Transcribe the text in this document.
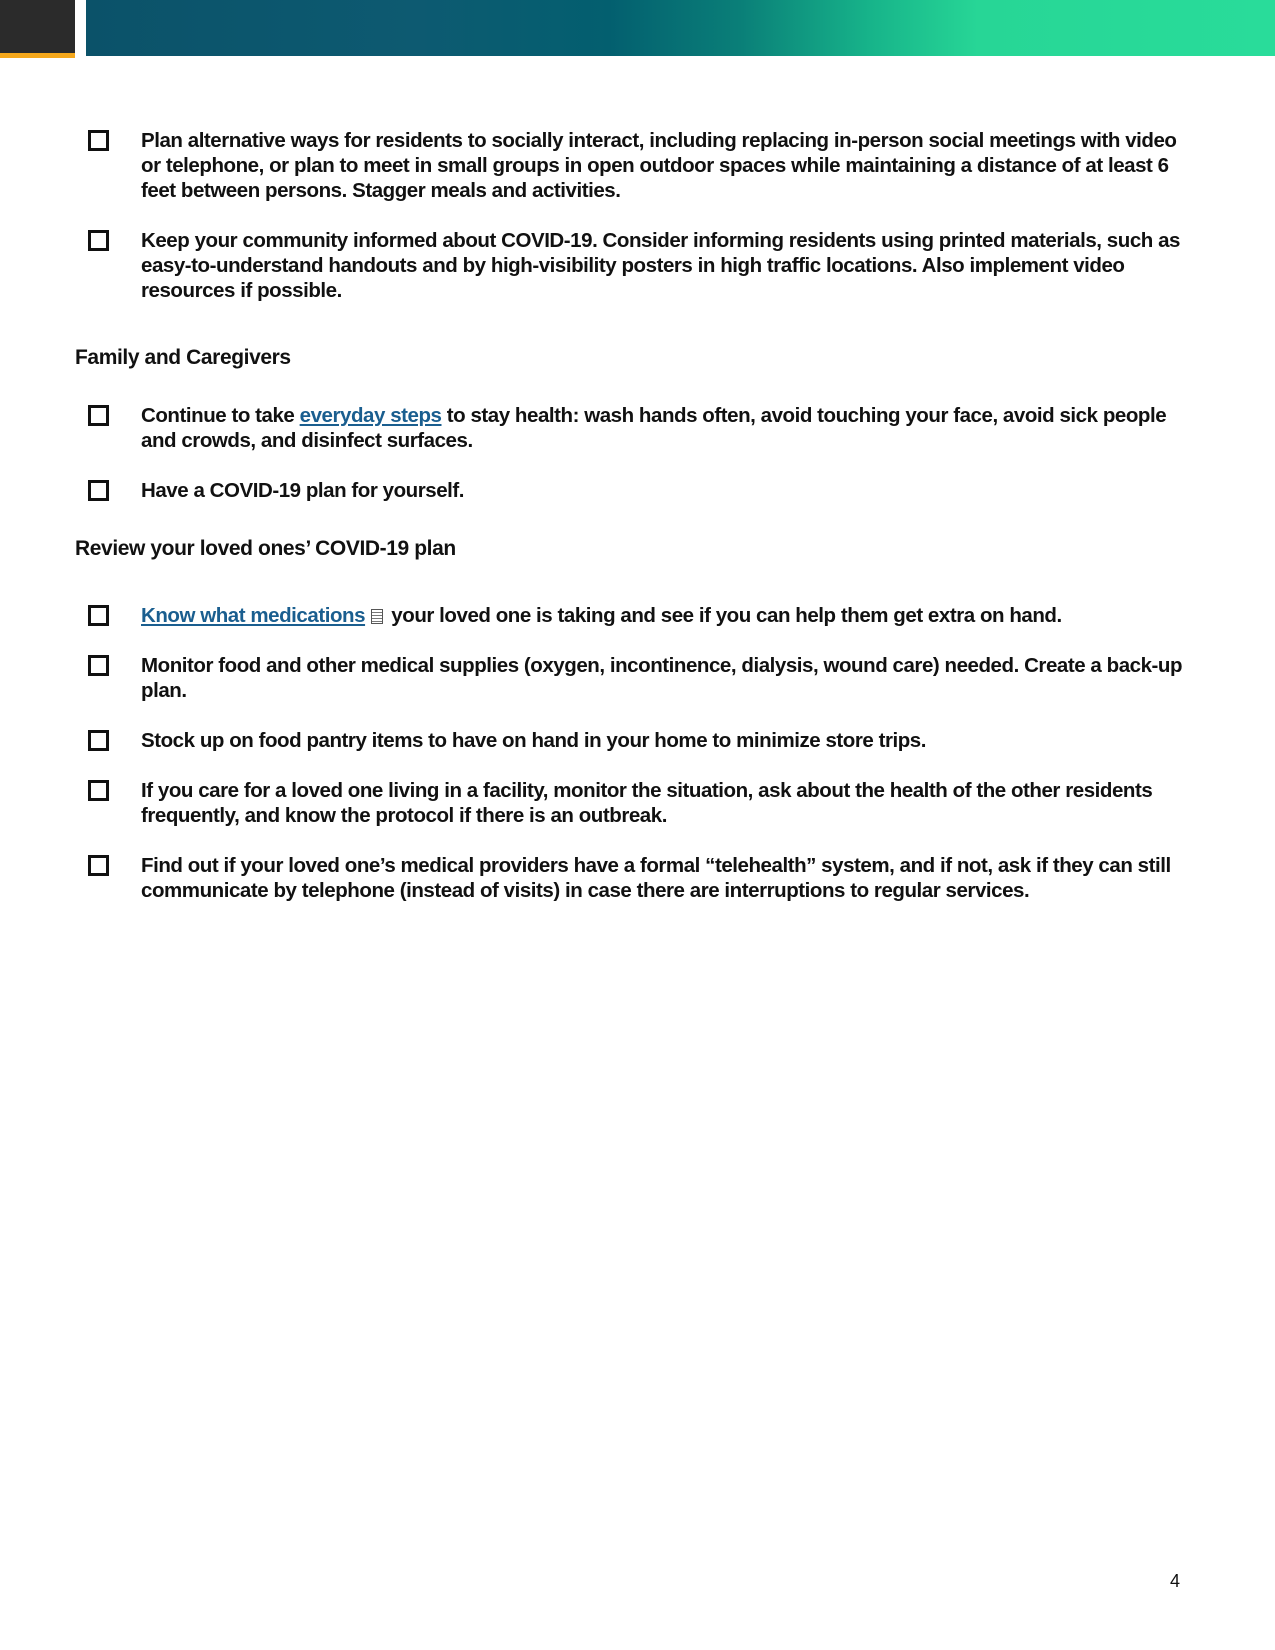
Plan alternative ways for residents to socially interact, including replacing in-person social meetings with video or telephone, or plan to meet in small groups in open outdoor spaces while maintaining a distance of at least 6 feet between persons. Stagger meals and activities.
Keep your community informed about COVID-19. Consider informing residents using printed materials, such as easy-to-understand handouts and by high-visibility posters in high traffic locations. Also implement video resources if possible.
Family and Caregivers
Continue to take everyday steps to stay health: wash hands often, avoid touching your face, avoid sick people and crowds, and disinfect surfaces.
Have a COVID-19 plan for yourself.
Review your loved ones’ COVID-19 plan
Know what medications your loved one is taking and see if you can help them get extra on hand.
Monitor food and other medical supplies (oxygen, incontinence, dialysis, wound care) needed. Create a back-up plan.
Stock up on food pantry items to have on hand in your home to minimize store trips.
If you care for a loved one living in a facility, monitor the situation, ask about the health of the other residents frequently, and know the protocol if there is an outbreak.
Find out if your loved one’s medical providers have a formal “telehealth” system, and if not, ask if they can still communicate by telephone (instead of visits) in case there are interruptions to regular services.
4
